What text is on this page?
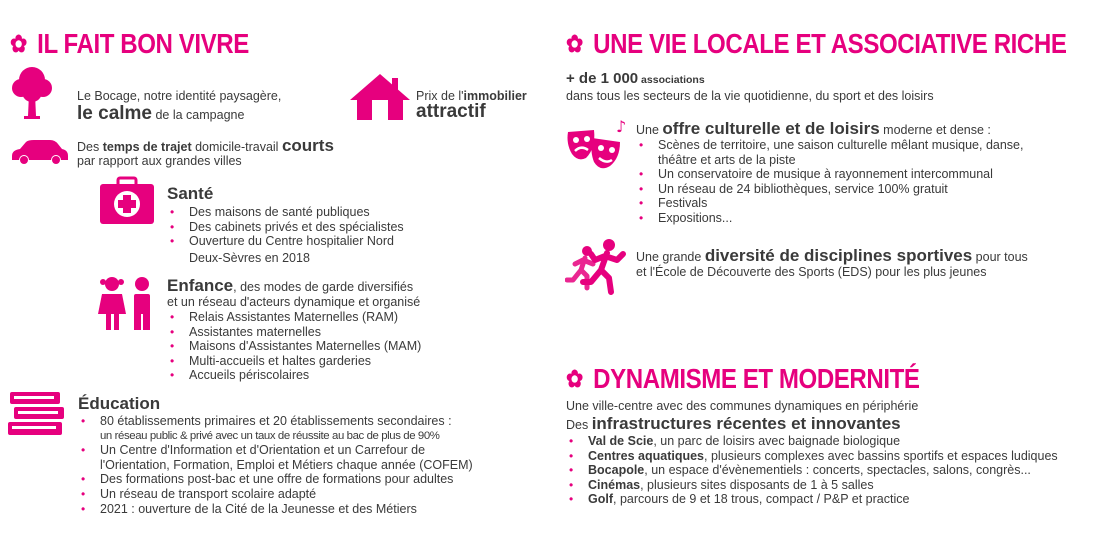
✿ IL FAIT BON VIVRE
Le Bocage, notre identité paysagère,
le calme de la campagne
Prix de l'immobilier
attractif
Des temps de trajet domicile-travail courts
par rapport aux grandes villes
Santé
• Des maisons de santé publiques
• Des cabinets privés et des spécialistes
• Ouverture du Centre hospitalier Nord
Deux-Sèvres en 2018
Enfance, des modes de garde diversifiés
et un réseau d'acteurs dynamique et organisé
• Relais Assistantes Maternelles (RAM)
• Assistantes maternelles
• Maisons d'Assistantes Maternelles (MAM)
• Multi-accueils et haltes garderies
• Accueils périscolaires
Éducation
• 80 établissements primaires et 20 établissements secondaires :
un réseau public & privé avec un taux de réussite au bac de plus de 90%
• Un Centre d'Information et d'Orientation et un Carrefour de
l'Orientation, Formation, Emploi et Métiers chaque année (COFEM)
• Des formations post-bac et une offre de formations pour adultes
• Un réseau de transport scolaire adapté
• 2021 : ouverture de la Cité de la Jeunesse et des Métiers
✿ UNE VIE LOCALE ET ASSOCIATIVE RICHE
+ de 1 000 associations
dans tous les secteurs de la vie quotidienne, du sport et des loisirs
♪ Une offre culturelle et de loisirs moderne et dense :
• Scènes de territoire, une saison culturelle mêlant musique, danse,
théâtre et arts de la piste
• Un conservatoire de musique à rayonnement intercommunal
• Un réseau de 24 bibliothèques, service 100% gratuit
• Festivals
• Expositions...
Une grande diversité de disciplines sportives pour tous
et l'École de Découverte des Sports (EDS) pour les plus jeunes
✿ DYNAMISME ET MODERNITÉ
Une ville-centre avec des communes dynamiques en périphérie
Des infrastructures récentes et innovantes
• Val de Scie, un parc de loisirs avec baignade biologique
• Centres aquatiques, plusieurs complexes avec bassins sportifs et espaces ludiques
• Bocapole, un espace d'évènementiels : concerts, spectacles, salons, congrès...
• Cinémas, plusieurs sites disposants de 1 à 5 salles
• Golf, parcours de 9 et 18 trous, compact / P&P et practice
